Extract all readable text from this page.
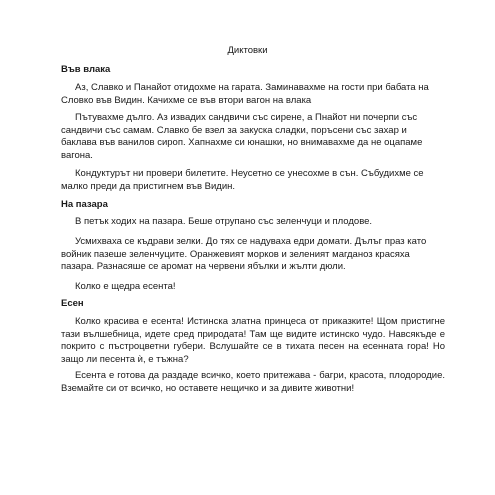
Диктовки
Във влака

Аз, Славко и Панайот отидохме на гарата. Заминавахме на гости при бабата на Словко във Видин. Качихме се във втори вагон на влака

Пътувахме дълго. Аз извадих сандвичи със сирене, а Пнайот ни почерпи със сандвичи със самам. Славко бе взел за закуска сладки, поръсени със захар и баклава във ванилов сироп. Хапнахме си юнашки, но внимавахме да не оцапаме вагона.

Кондуктурът ни провери билетите. Неусетно се унесохме в сън. Събудихме се малко преди да пристигнем във Видин.

На пазара

В петък ходих на пазара. Беше отрупано със зеленчуци и плодове.

Усмихваха се къдрави зелки. До тях се надуваха едри домати. Дълъг праз като войник пазеше зеленчуците. Оранжевият морков и зеленият магданоз красяха пазара. Разнасяше се аромат на червени ябълки и жълти дюли.

Колко е щедра есента!

Есен

Колко красива е есента! Истинска златна принцеса от приказките! Щом пристигне тази вълшебница, идете сред природата! Там ще видите истинско чудо. Навсякъде е покрито с пъстроцветни губери. Вслушайте се в тихата песен на есенната гора! Но защо ли песента ѝ, е тъжна?

Есента е готова да раздаде всичко, което притежава - багри, красота, плодородие. Вземайте си от всичко, но оставете нещичко и за дивите животни!
